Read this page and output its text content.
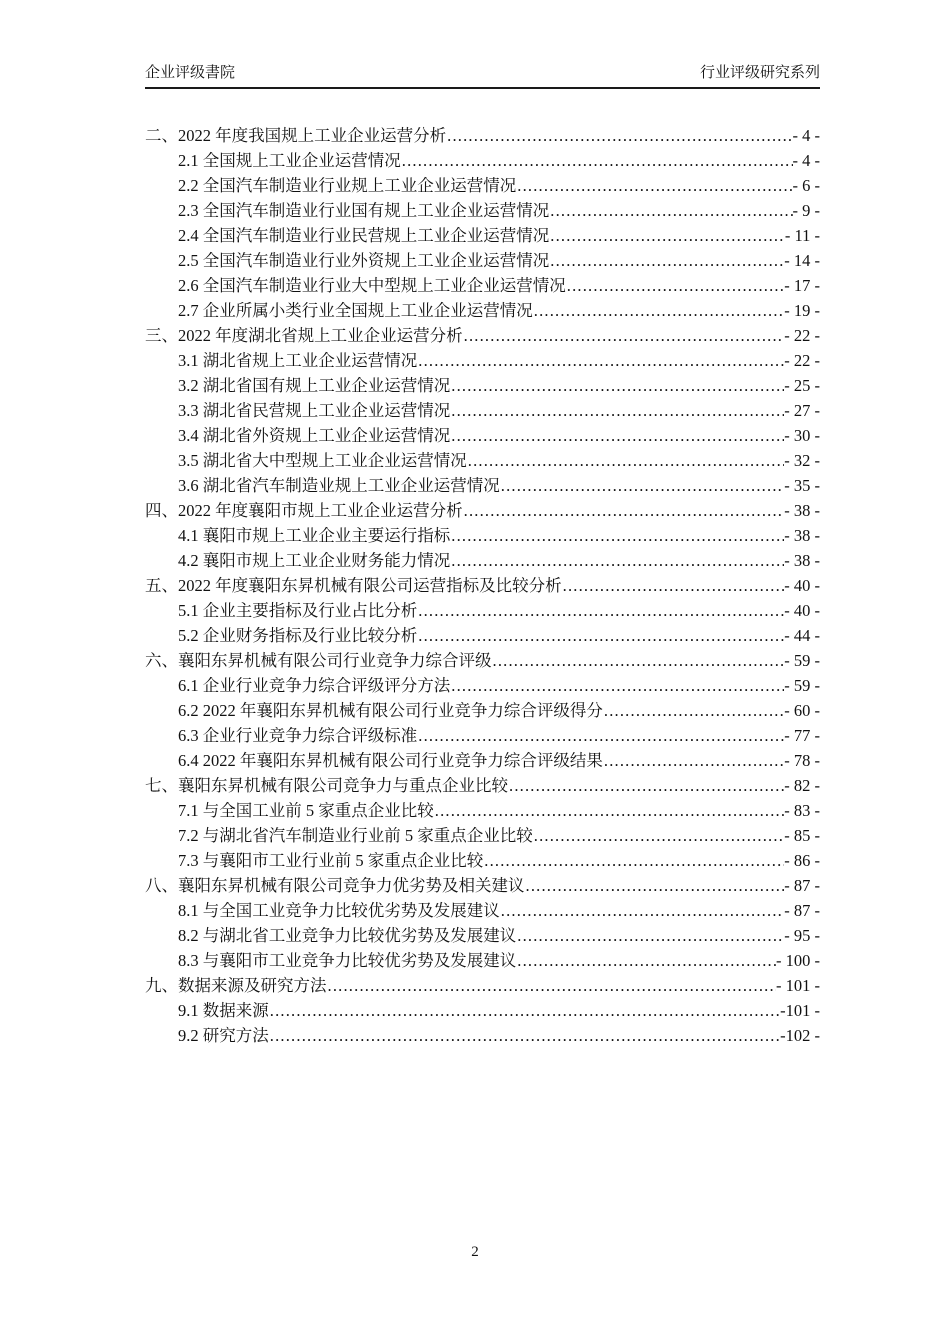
企业评级書院	行业评级研究系列
二、2022 年度我国规上工业企业运营分析 .....	- 4 -
2.1 全国规上工业企业运营情况 .....	- 4 -
2.2 全国汽车制造业行业规上工业企业运营情况 .....	- 6 -
2.3 全国汽车制造业行业国有规上工业企业运营情况 .....	- 9 -
2.4 全国汽车制造业行业民营规上工业企业运营情况 .....	- 11 -
2.5 全国汽车制造业行业外资规上工业企业运营情况 .....	- 14 -
2.6 全国汽车制造业行业大中型规上工业企业运营情况 .....	- 17 -
2.7 企业所属小类行业全国规上工业企业运营情况 .....	- 19 -
三、2022 年度湖北省规上工业企业运营分析 .....	- 22 -
3.1 湖北省规上工业企业运营情况 .....	- 22 -
3.2 湖北省国有规上工业企业运营情况 .....	- 25 -
3.3 湖北省民营规上工业企业运营情况 .....	- 27 -
3.4 湖北省外资规上工业企业运营情况 .....	- 30 -
3.5 湖北省大中型规上工业企业运营情况 .....	- 32 -
3.6 湖北省汽车制造业规上工业企业运营情况 .....	- 35 -
四、2022 年度襄阳市规上工业企业运营分析 .....	- 38 -
4.1 襄阳市规上工业企业主要运行指标 .....	- 38 -
4.2 襄阳市规上工业企业财务能力情况 .....	- 38 -
五、2022 年度襄阳东昇机械有限公司运营指标及比较分析 .....	- 40 -
5.1 企业主要指标及行业占比分析 .....	- 40 -
5.2 企业财务指标及行业比较分析 .....	- 44 -
六、襄阳东昇机械有限公司行业竞争力综合评级 .....	- 59 -
6.1 企业行业竞争力综合评级评分方法 .....	- 59 -
6.2 2022 年襄阳东昇机械有限公司行业竞争力综合评级得分 .....	- 60 -
6.3 企业行业竞争力综合评级标准 .....	- 77 -
6.4 2022 年襄阳东昇机械有限公司行业竞争力综合评级结果 .....	- 78 -
七、襄阳东昇机械有限公司竞争力与重点企业比较 .....	- 82 -
7.1 与全国工业前 5 家重点企业比较 .....	- 83 -
7.2 与湖北省汽车制造业行业前 5 家重点企业比较 .....	- 85 -
7.3 与襄阳市工业行业前 5 家重点企业比较 .....	- 86 -
八、襄阳东昇机械有限公司竞争力优劣势及相关建议 .....	- 87 -
8.1 与全国工业竞争力比较优劣势及发展建议 .....	- 87 -
8.2 与湖北省工业竞争力比较优劣势及发展建议 .....	- 95 -
8.3 与襄阳市工业竞争力比较优劣势及发展建议 .....	- 100 -
九、数据来源及研究方法 .....	- 101 -
9.1 数据来源 .....	-101 -
9.2 研究方法 .....	-102 -
2
